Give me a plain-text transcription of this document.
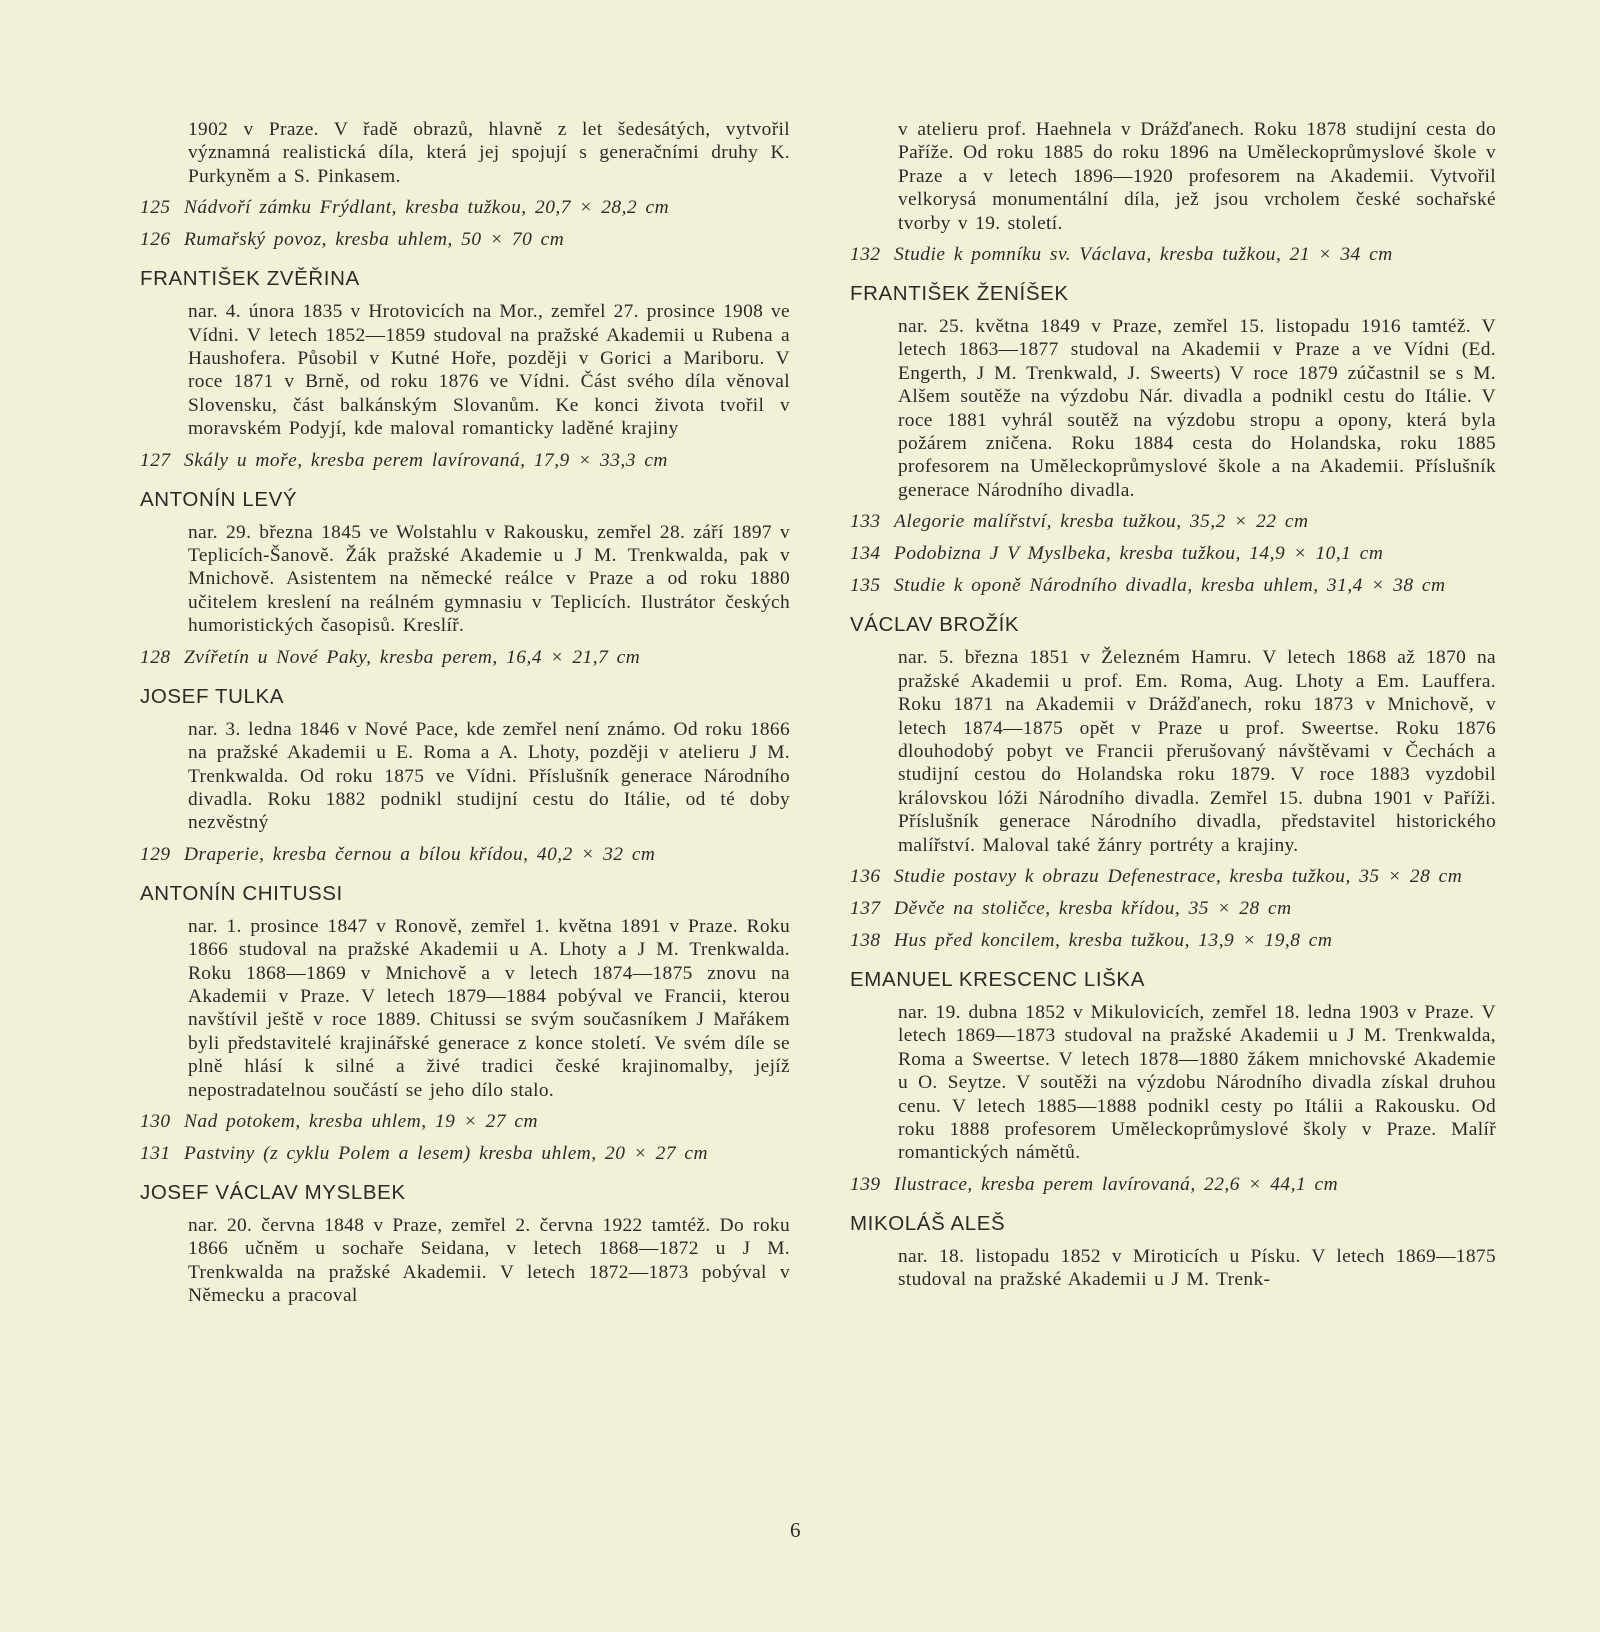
1902 v Praze. V řadě obrazů, hlavně z let šedesátých, vytvořil významná realistická díla, která jej spojují s generačními druhy K. Purkyněm a S. Pinkasem.

125 Nádvoří zámku Frýdlant, kresba tužkou, 20,7 × 28,2 cm
126 Rumařský povoz, kresba uhlem, 50 × 70 cm
FRANTIŠEK ZVĚŘINA

nar. 4. února 1835 v Hrotovicích na Mor., zemřel 27. prosince 1908 ve Vídni. V letech 1852—1859 studoval na pražské Akademii u Rubena a Haushofera. Působil v Kutné Hoře, později v Gorici a Mariboru. V roce 1871 v Brně, od roku 1876 ve Vídni. Část svého díla věnoval Slovensku, část balkánským Slovanům. Ke konci života tvořil v moravském Podyjí, kde maloval romanticky laděné krajiny

127 Skály u moře, kresba perem lavírovaná, 17,9 × 33,3 cm
ANTONÍN LEVÝ

nar. 29. března 1845 ve Wolstahlu v Rakousku, zemřel 28. září 1897 v Teplicích-Šanově. Žák pražské Akademie u J M. Trenkwalda, pak v Mnichově. Asistentem na německé reálce v Praze a od roku 1880 učitelem kreslení na reálném gymnasiu v Teplicích. Ilustrátor českých humoristických časopisů. Kreslíř.

128 Zvířetín u Nové Paky, kresba perem, 16,4 × 21,7 cm
JOSEF TULKA

nar. 3. ledna 1846 v Nové Pace, kde zemřel není známo. Od roku 1866 na pražské Akademii u E. Roma a A. Lhoty, později v atelieru J M. Trenkwalda. Od roku 1875 ve Vídni. Příslušník generace Národního divadla. Roku 1882 podnikl studijní cestu do Itálie, od té doby nezvěstný

129 Draperie, kresba černou a bílou křídou, 40,2 × 32 cm
ANTONÍN CHITUSSI

nar. 1. prosince 1847 v Ronově, zemřel 1. května 1891 v Praze. Roku 1866 studoval na pražské Akademii u A. Lhoty a J M. Trenkwalda. Roku 1868—1869 v Mnichově a v letech 1874—1875 znovu na Akademii v Praze. V letech 1879—1884 pobýval ve Francii, kterou navštívil ještě v roce 1889. Chitussi se svým současníkem J Mařákem byli představitelé krajinářské generace z konce století. Ve svém díle se plně hlásí k silné a živé tradici české krajinomalby, jejíž nepostradatelnou součástí se jeho dílo stalo.

130 Nad potokem, kresba uhlem, 19 × 27 cm
131 Pastviny (z cyklu Polem a lesem) kresba uhlem, 20 × 27 cm
JOSEF VÁCLAV MYSLBEK

nar. 20. června 1848 v Praze, zemřel 2. června 1922 tamtéž. Do roku 1866 učněm u sochaře Seidana, v letech 1868—1872 u J M. Trenkwalda na pražské Akademii. V letech 1872—1873 pobýval v Německu a pracoval

v atelieru prof. Haehnela v Drážďanech. Roku 1878 studijní cesta do Paříže. Od roku 1885 do roku 1896 na Uměleckoprůmyslové škole v Praze a v letech 1896—1920 profesorem na Akademii. Vytvořil velkorysá monumentální díla, jež jsou vrcholem české sochařské tvorby v 19. století.

132 Studie k pomníku sv. Václava, kresba tužkou, 21 × 34 cm
FRANTIŠEK ŽENÍŠEK

nar. 25. května 1849 v Praze, zemřel 15. listopadu 1916 tamtéž. V letech 1863—1877 studoval na Akademii v Praze a ve Vídni (Ed. Engerth, J M. Trenkwald, J. Sweerts) V roce 1879 zúčastnil se s M. Alšem soutěže na výzdobu Nár. divadla a podnikl cestu do Itálie. V roce 1881 vyhrál soutěž na výzdobu stropu a opony, která byla požárem zničena. Roku 1884 cesta do Holandska, roku 1885 profesorem na Uměleckoprůmyslové škole a na Akademii. Příslušník generace Národního divadla.

133 Alegorie malířství, kresba tužkou, 35,2 × 22 cm
134 Podobizna J V Myslbeka, kresba tužkou, 14,9 × 10,1 cm
135 Studie k oponě Národního divadla, kresba uhlem, 31,4 × 38 cm
VÁCLAV BROŽÍK

nar. 5. března 1851 v Železném Hamru. V letech 1868 až 1870 na pražské Akademii u prof. Em. Roma, Aug. Lhoty a Em. Lauffera. Roku 1871 na Akademii v Drážďanech, roku 1873 v Mnichově, v letech 1874—1875 opět v Praze u prof. Sweertse. Roku 1876 dlouhodobý pobyt ve Francii přerušovaný návštěvami v Čechách a studijní cestou do Holandska roku 1879. V roce 1883 vyzdobil královskou lóži Národního divadla. Zemřel 15. dubna 1901 v Paříži. Příslušník generace Národního divadla, představitel historického malířství. Maloval také žánry portréty a krajiny.

136 Studie postavy k obrazu Defenestrace, kresba tužkou, 35 × 28 cm
137 Děvče na stoličce, kresba křídou, 35 × 28 cm
138 Hus před koncilem, kresba tužkou, 13,9 × 19,8 cm
EMANUEL KRESCENC LIŠKA

nar. 19. dubna 1852 v Mikulovicích, zemřel 18. ledna 1903 v Praze. V letech 1869—1873 studoval na pražské Akademii u J M. Trenkwalda, Roma a Sweertse. V letech 1878—1880 žákem mnichovské Akademie u O. Seytze. V soutěži na výzdobu Národního divadla získal druhou cenu. V letech 1885—1888 podnikl cesty po Itálii a Rakousku. Od roku 1888 profesorem Uměleckoprůmyslové školy v Praze. Malíř romantických námětů.

139 Ilustrace, kresba perem lavírovaná, 22,6 × 44,1 cm
MIKOLÁŠ ALEŠ

nar. 18. listopadu 1852 v Miroticích u Písku. V letech 1869—1875 studoval na pražské Akademii u J M. Trenk-

6
